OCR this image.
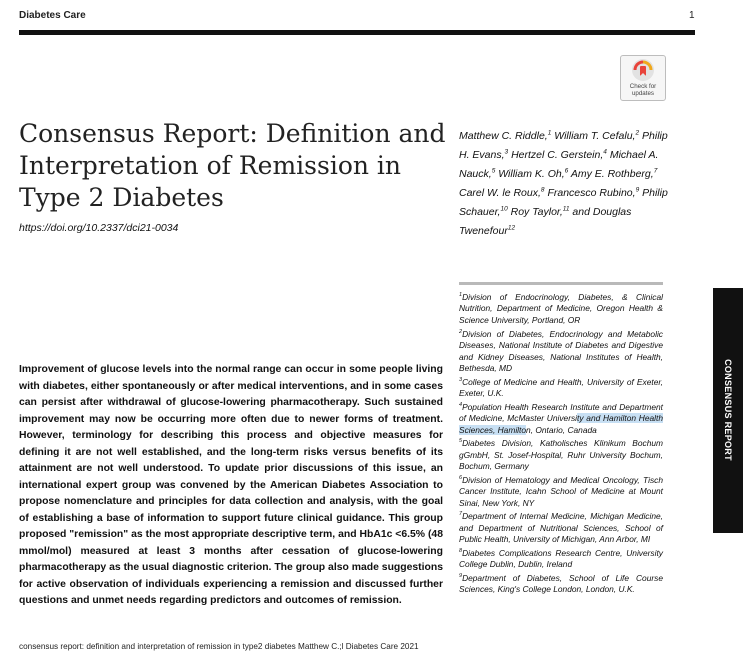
Diabetes Care	1
Check for
updates
Consensus Report: Definition and Interpretation of Remission in Type 2 Diabetes
https://doi.org/10.2337/dci21-0034
Matthew C. Riddle,$^1$ William T. Cefalu,$^2$ Philip H. Evans,$^3$ Hertzel C. Gerstein,$^4$ Michael A. Nauck,$^5$ William K. Oh,$^6$ Amy E. Rothberg,$^7$ Carel W. le Roux,$^8$ Francesco Rubino,$^9$ Philip Schauer,$^{10}$ Roy Taylor,$^{11}$ and Douglas Twenefour$^{12}$
$^1$Division of Endocrinology, Diabetes, & Clinical Nutrition, Department of Medicine, Oregon Health & Science University, Portland, OR
$^2$Division of Diabetes, Endocrinology and Metabolic Diseases, National Institute of Diabetes and Digestive and Kidney Diseases, National Institutes of Health, Bethesda, MD
$^3$College of Medicine and Health, University of Exeter, Exeter, U.K.
$^4$Population Health Research Institute and Department of Medicine, McMaster University and Hamilton Health Sciences, Hamilton, Ontario, Canada
$^5$Diabetes Division, Katholisches Klinikum Bochum gGmbH, St. Josef-Hospital, Ruhr University Bochum, Bochum, Germany
$^6$Division of Hematology and Medical Oncology, Tisch Cancer Institute, Icahn School of Medicine at Mount Sinai, New York, NY
$^7$Department of Internal Medicine, Michigan Medicine, and Department of Nutritional Sciences, School of Public Health, University of Michigan, Ann Arbor, MI
$^8$Diabetes Complications Research Centre, University College Dublin, Dublin, Ireland
$^9$Department of Diabetes, School of Life Course Sciences, King's College London, London, U.K.

Improvement of glucose levels into the normal range can occur in some people living with diabetes, either spontaneously or after medical interventions, and in some cases can persist after withdrawal of glucose-lowering pharmacotherapy. Such sustained improvement may now be occurring more often due to newer forms of treatment. However, terminology for describing this process and objective measures for defining it are not well established, and the long-term risks versus benefits of its attainment are not well understood. To update prior discussions of this issue, an international expert group was convened by the American Diabetes Association to propose nomenclature and principles for data collection and analysis, with the goal of establishing a base of information to support future clinical guidance. This group proposed "remission" as the most appropriate descriptive term, and HbA1c <6.5% (48 mmol/mol) measured at least 3 months after cessation of glucose-lowering pharmacotherapy as the usual diagnostic criterion. The group also made suggestions for active observation of individuals experiencing a remission and discussed further questions and unmet needs regarding predictors and outcomes of remission.

CONSENSUS REPORT
consensus report: definition and interpretation of remission in type2 diabetes Matthew C.;l Diabetes Care 2021
